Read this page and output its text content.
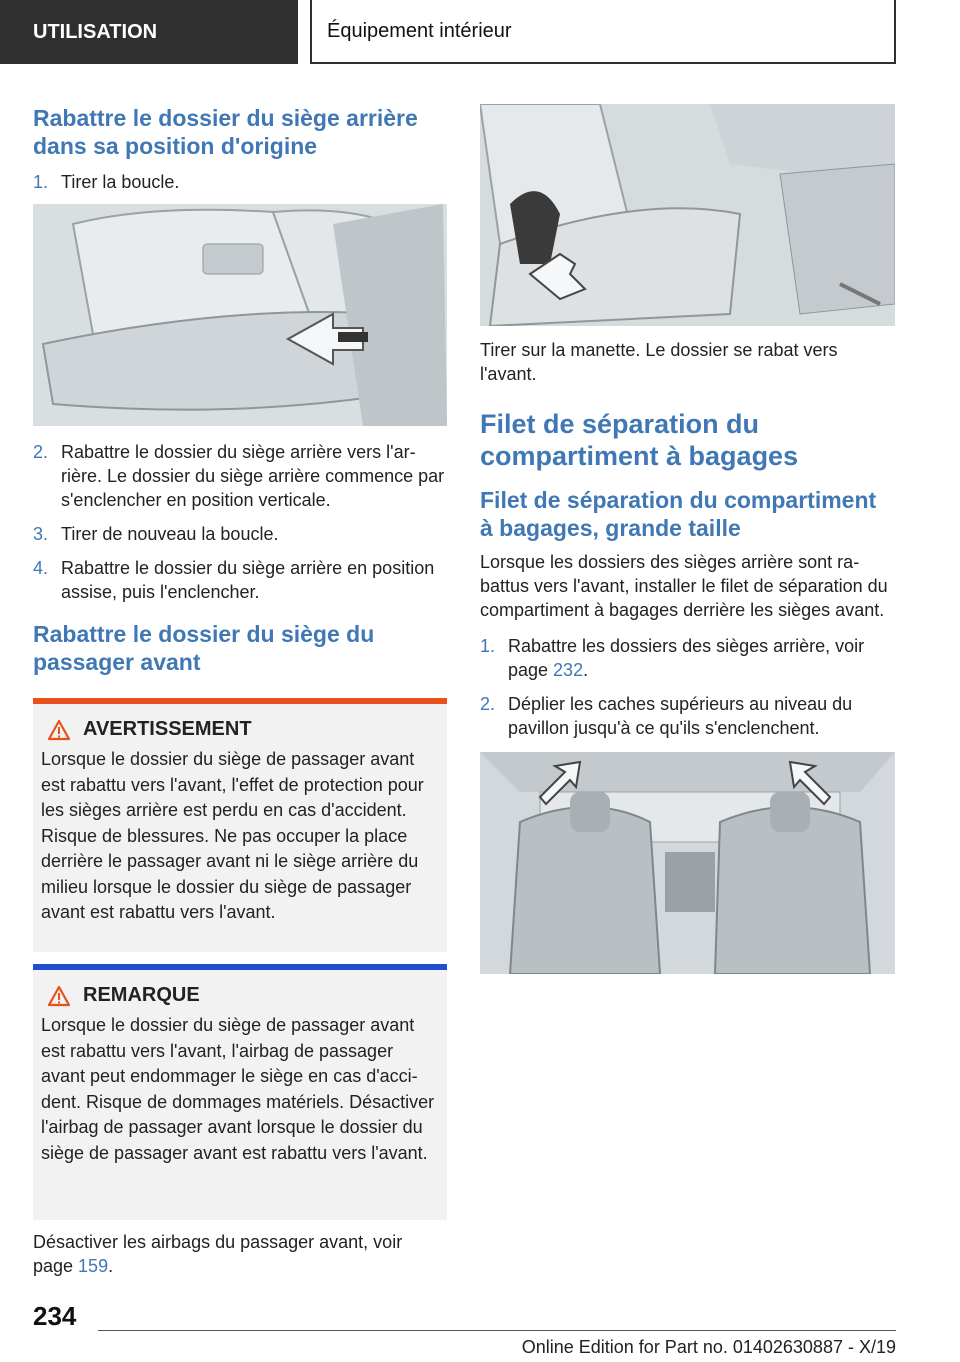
UTILISATION	Équipement intérieur
Rabattre le dossier du siège arrière dans sa position d'origine
1. Tirer la boucle.
2. Rabattre le dossier du siège arrière vers l'arrière. Le dossier du siège arrière commence par s'enclencher en position verticale.
3. Tirer de nouveau la boucle.
4. Rabattre le dossier du siège arrière en position assise, puis l'enclencher.
Rabattre le dossier du siège du passager avant
AVERTISSEMENT
Lorsque le dossier du siège de passager avant est rabattu vers l'avant, l'effet de protection pour les sièges arrière est perdu en cas d'accident. Risque de blessures. Ne pas occuper la place derrière le passager avant ni le siège arrière du milieu lorsque le dossier du siège de passager avant est rabattu vers l'avant.
REMARQUE
Lorsque le dossier du siège de passager avant est rabattu vers l'avant, l'airbag de passager avant peut endommager le siège en cas d'accident. Risque de dommages matériels. Désactiver l'airbag de passager avant lorsque le dossier du siège de passager avant est rabattu vers l'avant.

Désactiver les airbags du passager avant, voir page 159.

Tirer sur la manette. Le dossier se rabat vers l'avant.

Filet de séparation du compartiment à bagages
Filet de séparation du compartiment à bagages, grande taille

Lorsque les dossiers des sièges arrière sont rabattus vers l'avant, installer le filet de séparation du compartiment à bagages derrière les sièges avant.

1. Rabattre les dossiers des sièges arrière, voir page 232.
2. Déplier les caches supérieurs au niveau du pavillon jusqu'à ce qu'ils s'enclenchent.
234
Online Edition for Part no. 01402630887 - X/19
